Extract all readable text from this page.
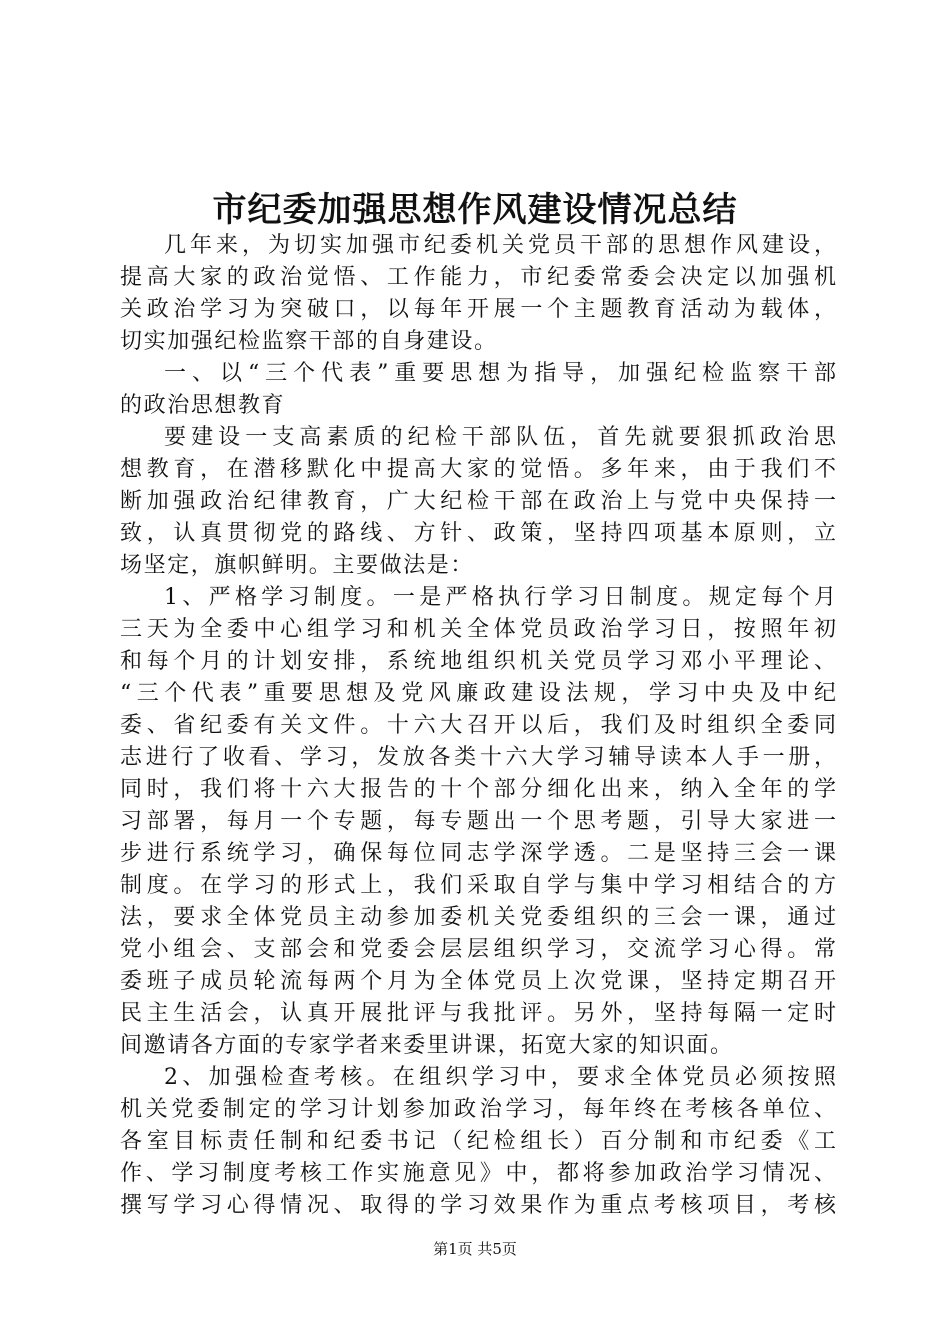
市纪委加强思想作风建设情况总结
几年来，为切实加强市纪委机关党员干部的思想作风建设，
提高大家的政治觉悟、工作能力，市纪委常委会决定以加强机
关政治学习为突破口，以每年开展一个主题教育活动为载体，
切实加强纪检监察干部的自身建设。
一、以“三个代表”重要思想为指导，加强纪检监察干部
的政治思想教育
要建设一支高素质的纪检干部队伍，首先就要狠抓政治思
想教育，在潜移默化中提高大家的觉悟。多年来，由于我们不
断加强政治纪律教育，广大纪检干部在政治上与党中央保持一
致，认真贯彻党的路线、方针、政策，坚持四项基本原则，立
场坚定，旗帜鲜明。主要做法是：
1、严格学习制度。一是严格执行学习日制度。规定每个月
三天为全委中心组学习和机关全体党员政治学习日，按照年初
和每个月的计划安排，系统地组织机关党员学习邓小平理论、
“三个代表”重要思想及党风廉政建设法规，学习中央及中纪
委、省纪委有关文件。十六大召开以后，我们及时组织全委同
志进行了收看、学习，发放各类十六大学习辅导读本人手一册，
同时，我们将十六大报告的十个部分细化出来，纳入全年的学
习部署，每月一个专题，每专题出一个思考题，引导大家进一
步进行系统学习，确保每位同志学深学透。二是坚持三会一课
制度。在学习的形式上，我们采取自学与集中学习相结合的方
法，要求全体党员主动参加委机关党委组织的三会一课，通过
党小组会、支部会和党委会层层组织学习，交流学习心得。常
委班子成员轮流每两个月为全体党员上次党课，坚持定期召开
民主生活会，认真开展批评与我批评。另外，坚持每隔一定时
间邀请各方面的专家学者来委里讲课，拓宽大家的知识面。
2、加强检查考核。在组织学习中，要求全体党员必须按照
机关党委制定的学习计划参加政治学习，每年终在考核各单位、
各室目标责任制和纪委书记（纪检组长）百分制和市纪委《工
作、学习制度考核工作实施意见》中，都将参加政治学习情况、
撰写学习心得情况、取得的学习效果作为重点考核项目，考核
第1页 共5页
